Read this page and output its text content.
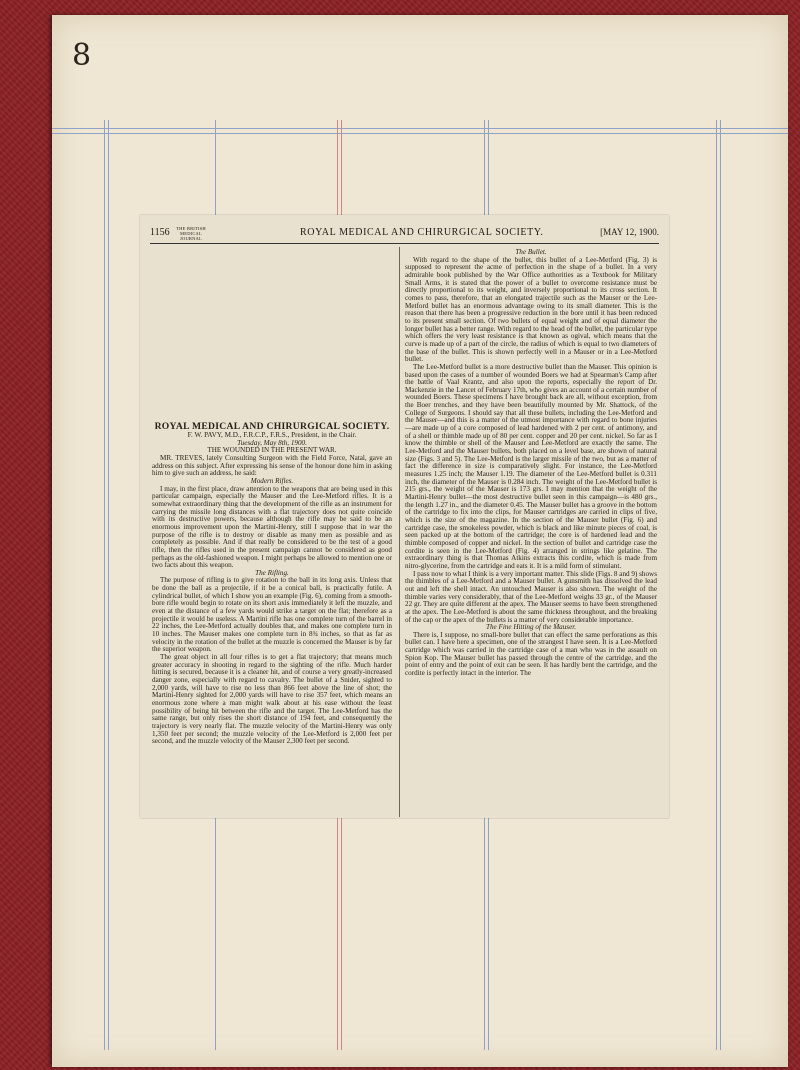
8
1156	THE BRITISH MEDICAL JOURNAL
ROYAL MEDICAL AND CHIRURGICAL SOCIETY.	[MAY 12, 1900.

ROYAL MEDICAL AND CHIRURGICAL SOCIETY.

F. W. PAVY, M.D., F.R.C.P., F.R.S., President, in the Chair.

Tuesday, May 8th, 1900.

THE WOUNDED IN THE PRESENT WAR.

MR. TREVES, lately Consulting Surgeon with the Field Force, Natal, gave an address on this subject. After expressing his sense of the honour done him in asking him to give such an address, he said:

Modern Rifles.

I may, in the first place, draw attention to the weapons that are being used in this particular campaign, especially the Mauser and the Lee-Metford rifles. It is a somewhat extraordinary thing that the development of the rifle as an instrument for carrying the missile long distances with a flat trajectory does not quite coincide with its destructive powers, because although the rifle may be said to be an enormous improvement upon the Martini-Henry, still I suppose that in war the purpose of the rifle is to destroy or disable as many men as possible and as completely as possible. And if that really be considered to be the test of a good rifle, then the rifles used in the present campaign cannot be considered as good perhaps as the old-fashioned weapon. I might perhaps be allowed to mention one or two facts about this weapon.

The Rifling.

The purpose of rifling is to give rotation to the ball in its long axis. Unless that be done the ball as a projectile, if it be a conical ball, is practically futile. A cylindrical bullet, of which I show you an example (Fig. 6), coming from a smooth-bore rifle would begin to rotate on its short axis immediately it left the muzzle, and even at the distance of a few yards would strike a target on the flat; therefore as a projectile it would be useless. A Martini rifle has one complete turn of the barrel in 22 inches, the Lee-Metford actually doubles that, and makes one complete turn in 10 inches. The Mauser makes one complete turn in 8¾ inches, so that as far as velocity in the rotation of the bullet at the muzzle is concerned the Mauser is by far the superior weapon.

The great object in all four rifles is to get a flat trajectory; that means much greater accuracy in shooting in regard to the sighting of the rifle. Much harder hitting is secured, because it is a cleaner hit, and of course a very greatly-increased danger zone, especially with regard to cavalry. The bullet of a Snider, sighted to 2,000 yards, will have to rise no less than 866 feet above the line of shot; the Martini-Henry sighted for 2,000 yards will have to rise 357 feet, which means an enormous zone where a man might walk about at his ease without the least possibility of being hit between the rifle and the target. The Lee-Metford has the same range, but only rises the short distance of 194 feet, and consequently the trajectory is very nearly flat. The muzzle velocity of the Martini-Henry was only 1,350 feet per second; the muzzle velocity of the Lee-Metford is 2,000 feet per second, and the muzzle velocity of the Mauser 2,300 feet per second.

The Bullet.

With regard to the shape of the bullet, this bullet of a Lee-Metford (Fig. 3) is supposed to represent the acme of perfection in the shape of a bullet. In a very admirable book published by the War Office authorities as a Textbook for Military Small Arms, it is stated that the power of a bullet to overcome resistance must be directly proportional to its weight, and inversely proportional to its cross section. It comes to pass, therefore, that an elongated trajectile such as the Mauser or the Lee-Metford bullet has an enormous advantage owing to its small diameter. This is the reason that there has been a progressive reduction in the bore until it has been reduced to its present small section. Of two bullets of equal weight and of equal diameter the longer bullet has a better range. With regard to the head of the bullet, the particular type which offers the very least resistance is that known as ogival, which means that the curve is made up of a part of the circle, the radius of which is equal to two diameters of the base of the bullet. This is shown perfectly well in a Mauser or in a Lee-Metford bullet.

The Lee-Metford bullet is a more destructive bullet than the Mauser. This opinion is based upon the cases of a number of wounded Boers we had at Spearman's Camp after the battle of Vaal Krantz, and also upon the reports, especially the report of Dr. Mackenzie in the Lancet of February 17th, who gives an account of a certain number of wounded Boers. These specimens I have brought back are all, without exception, from the Boer trenches, and they have been beautifully mounted by Mr. Shattock, of the College of Surgeons. I should say that all these bullets, including the Lee-Metford and the Mauser—and this is a matter of the utmost importance with regard to bone injuries—are made up of a core composed of lead hardened with 2 per cent. of antimony, and of a shell or thimble made up of 80 per cent. copper and 20 per cent. nickel. So far as I know the thimble or shell of the Mauser and Lee-Metford are exactly the same. The Lee-Metford and the Mauser bullets, both placed on a level base, are shown of natural size (Figs. 3 and 5). The Lee-Metford is the larger missile of the two, but as a matter of fact the difference in size is comparatively slight. For instance, the Lee-Metford measures 1.25 inch; the Mauser 1.19. The diameter of the Lee-Metford bullet is 0.311 inch, the diameter of the Mauser is 0.284 inch. The weight of the Lee-Metford bullet is 215 grs., the weight of the Mauser is 173 grs. I may mention that the weight of the Martini-Henry bullet—the most destructive bullet seen in this campaign—is 480 grs., the length 1.27 in., and the diameter 0.45. The Mauser bullet has a groove in the bottom of the cartridge to fix into the clips, for Mauser cartridges are carried in clips of five, which is the size of the magazine. In the section of the Mauser bullet (Fig. 6) and cartridge case, the smokeless powder, which is black and like minute pieces of coal, is seen packed up at the bottom of the cartridge; the core is of hardened lead and the thimble composed of copper and nickel. In the section of bullet and cartridge case the cordite is seen in the Lee-Metford (Fig. 4) arranged in strings like gelatine. The extraordinary thing is that Thomas Atkins extracts this cordite, which is made from nitro-glycerine, from the cartridge and eats it. It is a mild form of stimulant.

I pass now to what I think is a very important matter. This slide (Figs. 8 and 9) shows the thimbles of a Lee-Metford and a Mauser bullet. A gunsmith has dissolved the lead out and left the shell intact. An untouched Mauser is also shown. The weight of the thimble varies very considerably, that of the Lee-Metford weighs 33 gr., of the Mauser 22 gr. They are quite different at the apex. The Mauser seems to have been strengthened at the apex. The Lee-Metford is about the same thickness throughout, and the breaking of the cap or the apex of the bullets is a matter of very considerable importance.

The Fine Hitting of the Mauser.

There is, I suppose, no small-bore bullet that can effect the same perforations as this bullet can. I have here a specimen, one of the strangest I have seen. It is a Lee-Metford cartridge which was carried in the cartridge case of a man who was in the assault on Spion Kop. The Mauser bullet has passed through the centre of the cartridge, and the point of entry and the point of exit can be seen. It has hardly bent the cartridge, and the cordite is perfectly intact in the interior. The
